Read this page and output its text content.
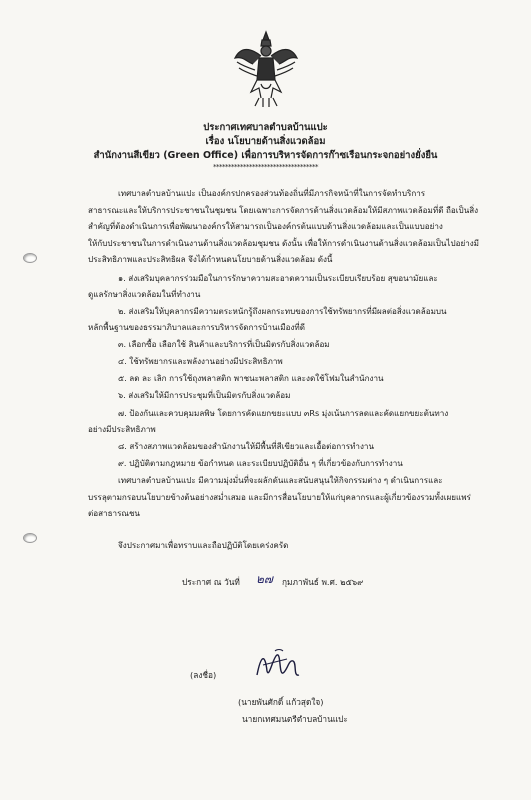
ประกาศเทศบาลตำบลบ้านแปะ
เรื่อง นโยบายด้านสิ่งแวดล้อม
สำนักงานสีเขียว (Green Office) เพื่อการบริหารจัดการก๊าซเรือนกระจกอย่างยั่งยืน
***********************************
เทศบาลตำบลบ้านแปะ เป็นองค์กรปกครองส่วนท้องถิ่นที่มีภารกิจหน้าที่ในการจัดทำบริการ
สาธารณะและให้บริการประชาชนในชุมชน โดยเฉพาะการจัดการด้านสิ่งแวดล้อมให้มีสภาพแวดล้อมที่ดี ถือเป็นสิ่ง
สำคัญที่ต้องดำเนินการเพื่อพัฒนาองค์กรให้สามารถเป็นองค์กรต้นแบบด้านสิ่งแวดล้อมและเป็นแบบอย่าง
ให้กับประชาชนในการดำเนินงานด้านสิ่งแวดล้อมชุมชน ดังนั้น เพื่อให้การดำเนินงานด้านสิ่งแวดล้อมเป็นไปอย่างมี
ประสิทธิภาพและประสิทธิผล จึงได้กำหนดนโยบายด้านสิ่งแวดล้อม ดังนี้
๑. ส่งเสริมบุคลากรร่วมมือในการรักษาความสะอาดความเป็นระเบียบเรียบร้อย สุขอนามัยและ
ดูแลรักษาสิ่งแวดล้อมในที่ทำงาน
๒. ส่งเสริมให้บุคลากรมีความตระหนักรู้ถึงผลกระทบของการใช้ทรัพยากรที่มีผลต่อสิ่งแวดล้อมบน
หลักพื้นฐานของธรรมาภิบาลและการบริหารจัดการบ้านเมืองที่ดี
๓. เลือกซื้อ เลือกใช้ สินค้าและบริการที่เป็นมิตรกับสิ่งแวดล้อม
๔. ใช้ทรัพยากรและพลังงานอย่างมีประสิทธิภาพ
๕. ลด ละ เลิก การใช้ถุงพลาสติก พาชนะพลาสติก และงดใช้โฟมในสำนักงาน
๖. ส่งเสริมให้มีการประชุมที่เป็นมิตรกับสิ่งแวดล้อม
๗. ป้องกันและควบคุมมลพิษ โดยการคัดแยกขยะแบบ ๓Rs มุ่งเน้นการลดและคัดแยกขยะต้นทาง
อย่างมีประสิทธิภาพ
๘. สร้างสภาพแวดล้อมของสำนักงานให้มีพื้นที่สีเขียวและเอื้อต่อการทำงาน
๙. ปฏิบัติตามกฎหมาย ข้อกำหนด และระเบียบปฏิบัติอื่น ๆ ที่เกี่ยวข้องกับการทำงาน
เทศบาลตำบลบ้านแปะ มีความมุ่งมั่นที่จะผลักดันและสนับสนุนให้กิจกรรมต่าง ๆ ดำเนินการและ
บรรลุตามกรอบนโยบายข้างต้นอย่างสม่ำเสมอ และมีการสื่อนโยบายให้แก่บุคลากรและผู้เกี่ยวข้องรวมทั้งเผยแพร่
ต่อสาธารณชน
จึงประกาศมาเพื่อทราบและถือปฏิบัติโดยเคร่งครัด
ประกาศ ณ วันที่ ๒๗ กุมภาพันธ์ พ.ศ. ๒๕๖๙
(ลงชื่อ)
(นายพันศักดิ์ แก้วสุดใจ)
นายกเทศมนตรีตำบลบ้านแปะ
